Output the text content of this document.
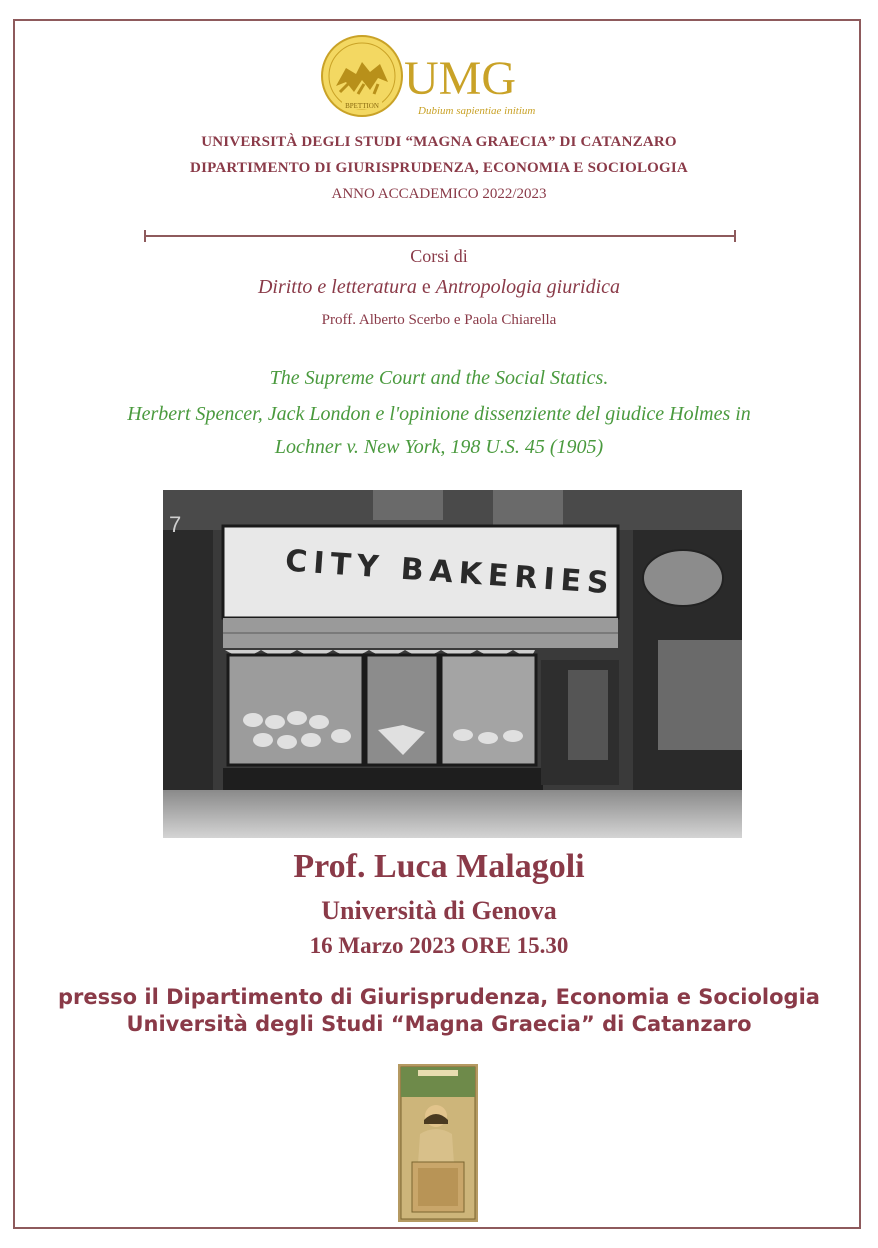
BPETTION
UMG
Dubium sapientiae initium
UNIVERSITÀ DEGLI STUDI “MAGNA GRAECIA” DI CATANZARO
DIPARTIMENTO DI GIURISPRUDENZA, ECONOMIA E SOCIOLOGIA
ANNO ACCADEMICO 2022/2023
Corsi di
Diritto e letteratura e Antropologia giuridica
Proff. Alberto Scerbo e Paola Chiarella
The Supreme Court and the Social Statics.
Herbert Spencer, Jack London e l'opinione dissenziente del giudice Holmes in
Lochner v. New York, 198 U.S. 45 (1905)
7
CITY BAKERIES
Prof. Luca Malagoli
Università di Genova
16 Marzo 2023 ORE 15.30
presso il Dipartimento di Giurisprudenza, Economia e Sociologia
Università degli Studi “Magna Graecia” di Catanzaro
